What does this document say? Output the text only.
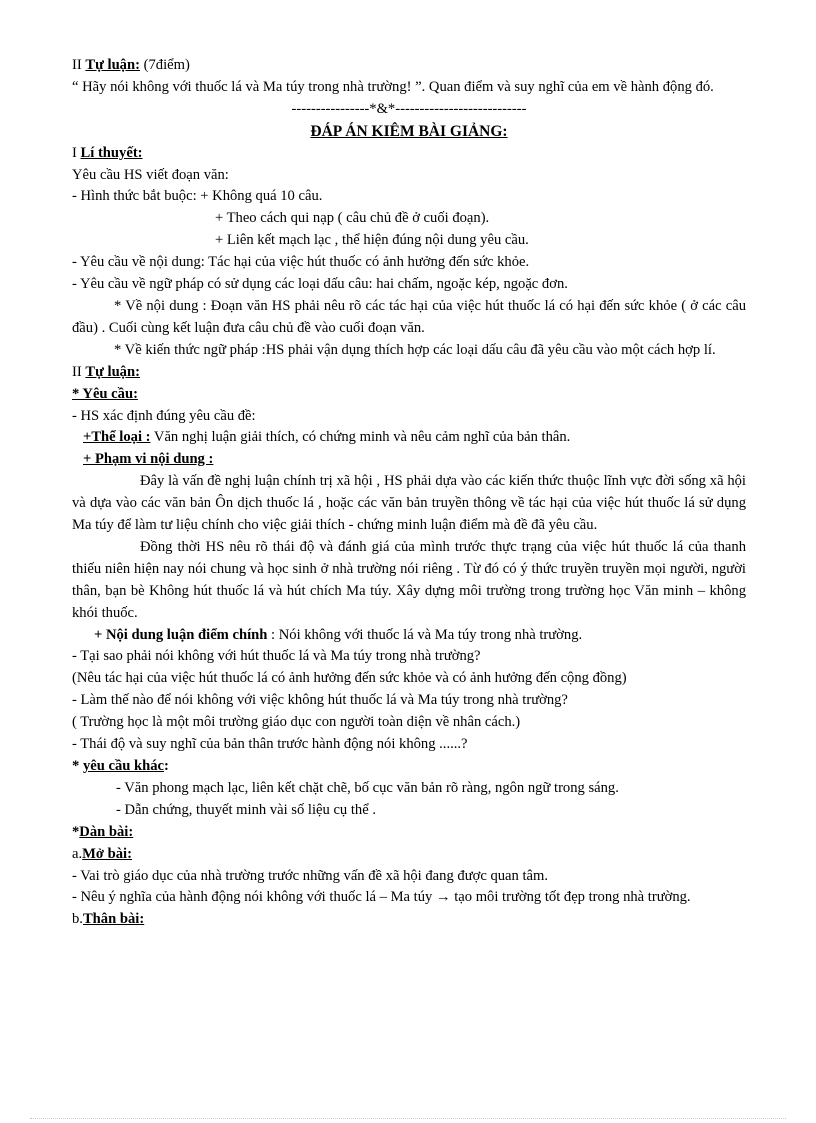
II Tự luận: (7điểm)

“ Hãy nói không với thuốc lá và Ma túy trong nhà trường! ”. Quan điểm và suy nghĩ của em về hành động đó.

----------------*&*---------------------------

ĐÁP ÁN KIÊM BÀI GIẢNG:

I Lí thuyết:

Yêu cầu HS viết đoạn văn:

- Hình thức bắt buộc: + Không quá 10 câu.

+ Theo cách qui nạp ( câu chủ đề ở cuối đoạn).

+ Liên kết mạch lạc , thể hiện đúng nội dung yêu cầu.

- Yêu cầu về nội dung: Tác hại của việc hút thuốc có ảnh hưởng đến sức khỏe.

- Yêu cầu về ngữ pháp có sử dụng các loại dấu câu: hai chấm, ngoặc kép, ngoặc đơn.

* Về nội dung : Đoạn văn HS phải nêu rõ các tác hại của việc hút thuốc lá có hại đến sức khỏe ( ở các câu đầu) . Cuối cùng kết luận đưa câu chủ đề vào cuối đoạn văn.

* Về kiến thức ngữ pháp :HS phải vận dụng thích hợp các loại dấu câu đã yêu cầu vào một cách hợp lí.

II Tự luận:

* Yêu cầu:

- HS xác định đúng yêu cầu đề:

+Thể loại : Văn nghị luận giải thích, có chứng minh và nêu cảm nghĩ của bản thân.

+ Phạm vi nội dung :

Đây là vấn đề nghị luận chính trị xã hội , HS phải dựa vào các kiến thức thuộc lĩnh vực đời sống xã hội và dựa vào các văn bản Ôn dịch thuốc lá , hoặc các văn bản truyền thông về tác hại của việc hút thuốc lá sử dụng Ma túy để làm tư liệu chính cho việc giải thích - chứng minh luận điểm mà đề đã yêu cầu.

Đồng thời HS nêu rõ thái độ và đánh giá của mình trước thực trạng của việc hút thuốc lá của thanh thiếu niên hiện nay nói chung và học sinh ở nhà trường nói riêng . Từ đó có ý thức truyền truyền mọi người, người thân, bạn bè Không hút thuốc lá và hút chích Ma túy. Xây dựng môi trường trong trường học Văn minh – không khói thuốc.

+ Nội dung luận điểm chính : Nói không với thuốc lá và Ma túy trong nhà trường.

- Tại sao phải nói không với hút thuốc lá và Ma túy trong nhà trường?

(Nêu tác hại của việc hút thuốc lá có ảnh hưởng đến sức khỏe và có ảnh hưởng đến cộng đồng)

- Làm thế nào để nói không với việc không hút thuốc lá và Ma túy trong nhà trường?

( Trường học là một môi trường giáo dục con người toàn diện về nhân cách.)

- Thái độ và suy nghĩ của bản thân trước hành động nói không ......?

* yêu cầu khác:

- Văn phong mạch lạc, liên kết chặt chẽ, bố cục văn bản rõ ràng, ngôn ngữ trong sáng.

- Dẫn chứng, thuyết minh vài số liệu cụ thể .

*Dàn bài:

a.Mở bài:

- Vai trò giáo dục của nhà trường trước những vấn đề xã hội đang được quan tâm.

- Nêu ý nghĩa của hành động nói không với thuốc lá – Ma túy → tạo môi trường tốt đẹp trong nhà trường.

b.Thân bài:
